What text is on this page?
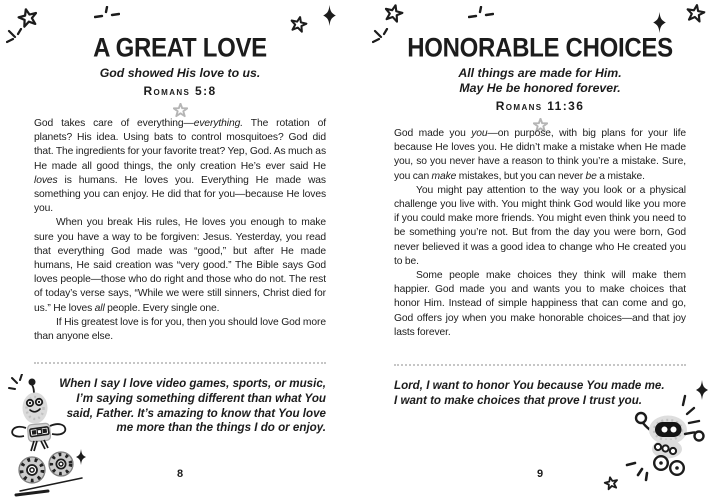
A GREAT LOVE
God showed His love to us.
Romans 5:8

God takes care of everything—everything. The rotation of planets? His idea. Using bats to control mosquitoes? God did that. The ingredients for your favorite treat? Yep, God. As much as He made all good things, the only creation He’s ever said He loves is humans. He loves you. Everything He made was something you can enjoy. He did that for you—because He loves you.

When you break His rules, He loves you enough to make sure you have a way to be forgiven: Jesus. Yesterday, you read that everything God made was “good,” but after He made humans, He said creation was “very good.” The Bible says God loves people—those who do right and those who do not. The rest of today’s verse says, “While we were still sinners, Christ died for us.” He loves all people. Every single one.

If His greatest love is for you, then you should love God more than anyone else.

When I say I love video games, sports, or music,
I’m saying something different than what You
said, Father. It’s amazing to know that You love
me more than the things I do or enjoy.
8
HONORABLE CHOICES
All things are made for Him.
May He be honored forever.
Romans 11:36

God made you you—on purpose, with big plans for your life because He loves you. He didn’t make a mistake when He made you, so you never have a reason to think you’re a mistake. Sure, you can make mistakes, but you can never be a mistake.

You might pay attention to the way you look or a physical challenge you live with. You might think God would like you more if you could make more friends. You might even think you need to be something you’re not. But from the day you were born, God never believed it was a good idea to change who He created you to be.

Some people make choices they think will make them happier. God made you and wants you to make choices that honor Him. Instead of simple happiness that can come and go, God offers joy when you make honorable choices—and that joy lasts forever.

Lord, I want to honor You because You made me.
I want to make choices that prove I trust you.
9
